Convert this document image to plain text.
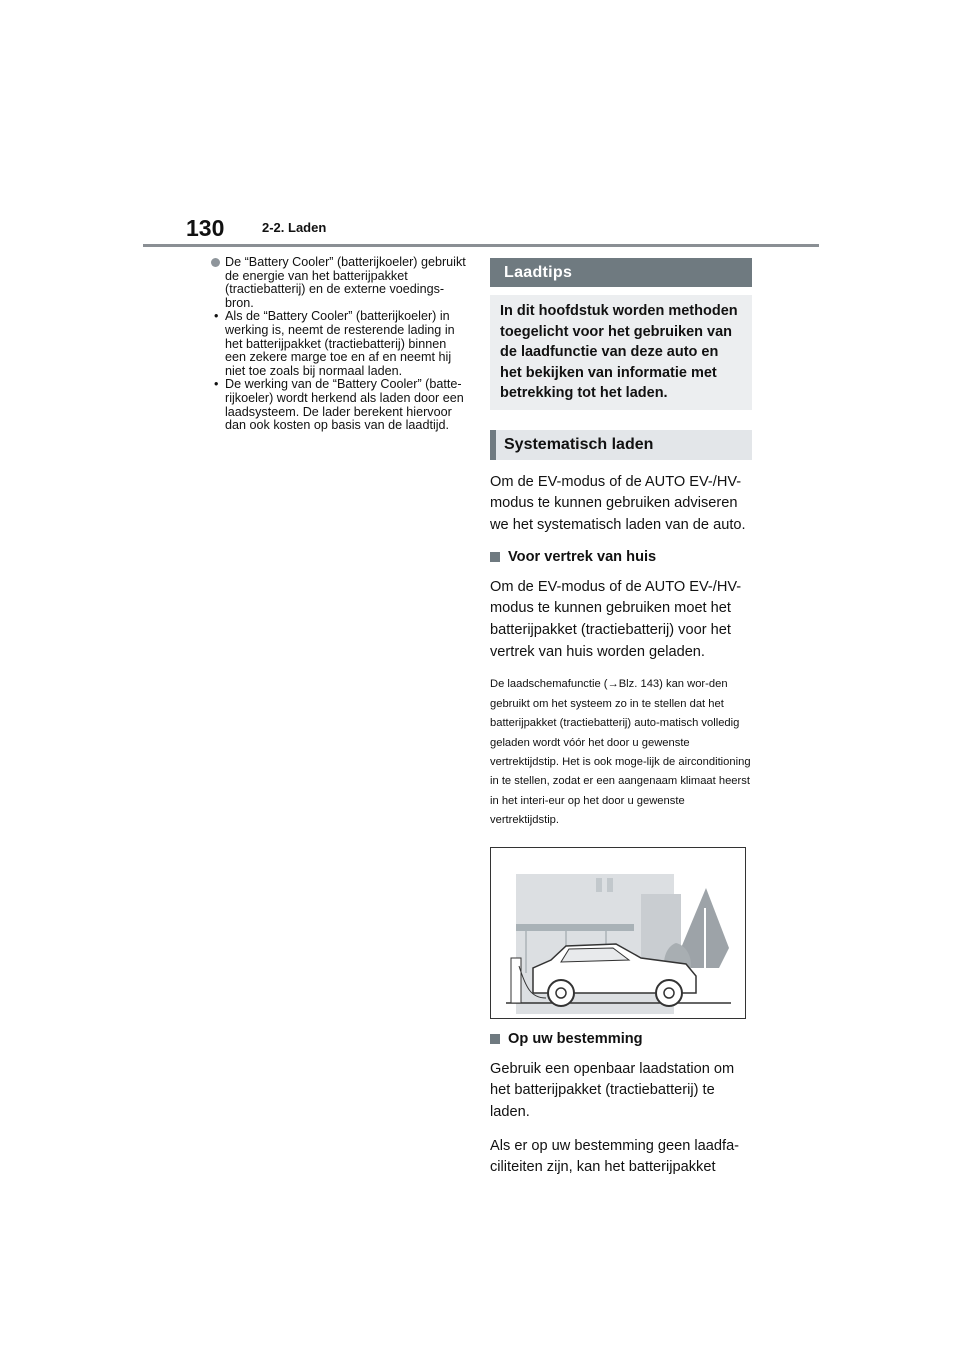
130	2-2. Laden
De “Battery Cooler” (batterijkoeler) gebruikt de energie van het batterijpakket (tractiebatterij) en de externe voedings-bron.
• Als de “Battery Cooler” (batterijkoeler) in werking is, neemt de resterende lading in het batterijpakket (tractiebatterij) binnen een zekere marge toe en af en neemt hij niet toe zoals bij normaal laden.
• De werking van de “Battery Cooler” (batte-rijkoeler) wordt herkend als laden door een laadsysteem. De lader berekent hiervoor dan ook kosten op basis van de laadtijd.
Laadtips
In dit hoofdstuk worden methoden toegelicht voor het gebruiken van de laadfunctie van deze auto en het bekijken van informatie met betrekking tot het laden.
Systematisch laden

Om de EV-modus of de AUTO EV-/HV-modus te kunnen gebruiken adviseren we het systematisch laden van de auto.

Voor vertrek van huis

Om de EV-modus of de AUTO EV-/HV-modus te kunnen gebruiken moet het batterijpakket (tractiebatterij) voor het vertrek van huis worden geladen.

De laadschemafunctie (→Blz. 143) kan wor-den gebruikt om het systeem zo in te stellen dat het batterijpakket (tractiebatterij) auto-matisch volledig geladen wordt vóór het door u gewenste vertrektijdstip. Het is ook moge-lijk de airconditioning in te stellen, zodat er een aangenaam klimaat heerst in het interi-eur op het door u gewenste vertrektijdstip.

Op uw bestemming

Gebruik een openbaar laadstation om het batterijpakket (tractiebatterij) te laden.

Als er op uw bestemming geen laadfa-ciliteiten zijn, kan het batterijpakket
